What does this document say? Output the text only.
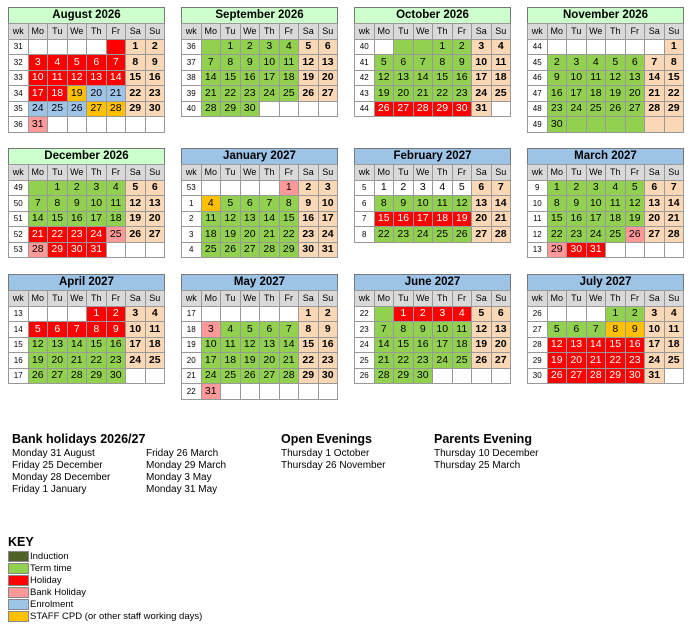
August 2026
wk	Mo	Tu	We	Th	Fr	Sa	Su
31						1	2
32	3	4	5	6	7	8	9
33	10	11	12	13	14	15	16
34	17	18	19	20	21	22	23
35	24	25	26	27	28	29	30
36	31						
September 2026
wk	Mo	Tu	We	Th	Fr	Sa	Su
36		1	2	3	4	5	6
37	7	8	9	10	11	12	13
38	14	15	16	17	18	19	20
39	21	22	23	24	25	26	27
40	28	29	30				
October 2026
wk	Mo	Tu	We	Th	Fr	Sa	Su
40				1	2	3	4
41	5	6	7	8	9	10	11
42	12	13	14	15	16	17	18
43	19	20	21	22	23	24	25
44	26	27	28	29	30	31	
November 2026
wk	Mo	Tu	We	Th	Fr	Sa	Su
44							1
45	2	3	4	5	6	7	8
46	9	10	11	12	13	14	15
47	16	17	18	19	20	21	22
48	23	24	25	26	27	28	29
49	30						
December 2026
wk	Mo	Tu	We	Th	Fr	Sa	Su
49		1	2	3	4	5	6
50	7	8	9	10	11	12	13
51	14	15	16	17	18	19	20
52	21	22	23	24	25	26	27
53	28	29	30	31			
January 2027
wk	Mo	Tu	We	Th	Fr	Sa	Su
53					1	2	3
1	4	5	6	7	8	9	10
2	11	12	13	14	15	16	17
3	18	19	20	21	22	23	24
4	25	26	27	28	29	30	31
February 2027
wk	Mo	Tu	We	Th	Fr	Sa	Su
5	1	2	3	4	5	6	7
6	8	9	10	11	12	13	14
7	15	16	17	18	19	20	21
8	22	23	24	25	26	27	28
March 2027
wk	Mo	Tu	We	Th	Fr	Sa	Su
9	1	2	3	4	5	6	7
10	8	9	10	11	12	13	14
11	15	16	17	18	19	20	21
12	22	23	24	25	26	27	28
13	29	30	31				
April 2027
wk	Mo	Tu	We	Th	Fr	Sa	Su
13				1	2	3	4
14	5	6	7	8	9	10	11
15	12	13	14	15	16	17	18
16	19	20	21	22	23	24	25
17	26	27	28	29	30		
May 2027
wk	Mo	Tu	We	Th	Fr	Sa	Su
17						1	2
18	3	4	5	6	7	8	9
19	10	11	12	13	14	15	16
20	17	18	19	20	21	22	23
21	24	25	26	27	28	29	30
22	31						
June 2027
wk	Mo	Tu	We	Th	Fr	Sa	Su
22		1	2	3	4	5	6
23	7	8	9	10	11	12	13
24	14	15	16	17	18	19	20
25	21	22	23	24	25	26	27
26	28	29	30				
July 2027
wk	Mo	Tu	We	Th	Fr	Sa	Su
26				1	2	3	4
27	5	6	7	8	9	10	11
28	12	13	14	15	16	17	18
29	19	20	21	22	23	24	25
30	26	27	28	29	30	31	
Bank holidays 2026/27
Monday 31 August
Friday 25 December
Monday 28 December
Friday 1 January
Friday 26 March
Monday 29 March
Monday 3 May
Monday 31 May
Open Evenings
Thursday 1 October
Thursday 26 November
Parents Evening
Thursday 10 December
Thursday 25 March
KEY
Induction
Term time
Holiday
Bank Holiday
Enrolment
STAFF CPD (or other staff working days)
